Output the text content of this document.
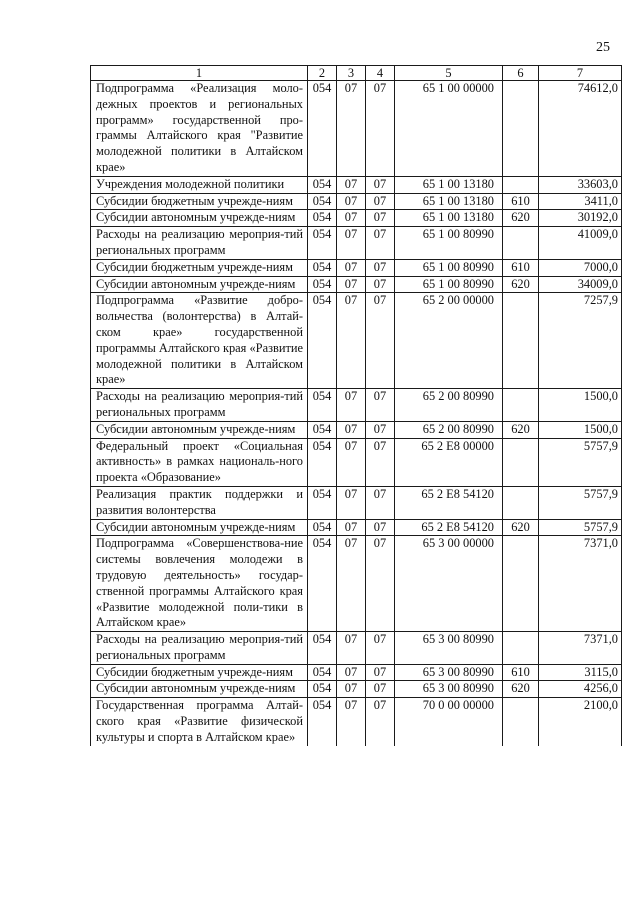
25
1	2	3	4	5	6	7
Подпрограмма «Реализация моло-дежных проектов и региональных программ» государственной про-граммы Алтайского края "Развитие молодежной политики в Алтайском крае»	054	07	07	65 1 00 00000		74612,0
Учреждения молодежной политики	054	07	07	65 1 00 13180		33603,0
Субсидии бюджетным учрежде-ниям	054	07	07	65 1 00 13180	610	3411,0
Субсидии автономным учрежде-ниям	054	07	07	65 1 00 13180	620	30192,0
Расходы на реализацию мероприя-тий региональных программ	054	07	07	65 1 00 80990		41009,0
Субсидии бюджетным учрежде-ниям	054	07	07	65 1 00 80990	610	7000,0
Субсидии автономным учрежде-ниям	054	07	07	65 1 00 80990	620	34009,0
Подпрограмма «Развитие добро-вольчества (волонтерства) в Алтай-ском крае» государственной программы Алтайского края «Развитие молодежной политики в Алтайском крае»	054	07	07	65 2 00 00000		7257,9
Расходы на реализацию мероприя-тий региональных программ	054	07	07	65 2 00 80990		1500,0
Субсидии автономным учрежде-ниям	054	07	07	65 2 00 80990	620	1500,0
Федеральный проект «Социальная активность» в рамках националь-ного проекта «Образование»	054	07	07	65 2 E8 00000		5757,9
Реализация практик поддержки и развития волонтерства	054	07	07	65 2 E8 54120		5757,9
Субсидии автономным учрежде-ниям	054	07	07	65 2 E8 54120	620	5757,9
Подпрограмма «Совершенствова-ние системы вовлечения молодежи в трудовую деятельность» государ-ственной программы Алтайского края «Развитие молодежной поли-тики в Алтайском крае»	054	07	07	65 3 00 00000		7371,0
Расходы на реализацию мероприя-тий региональных программ	054	07	07	65 3 00 80990		7371,0
Субсидии бюджетным учрежде-ниям	054	07	07	65 3 00 80990	610	3115,0
Субсидии автономным учрежде-ниям	054	07	07	65 3 00 80990	620	4256,0
Государственная программа Алтай-ского края «Развитие физической культуры и спорта в Алтайском крае»	054	07	07	70 0 00 00000		2100,0
